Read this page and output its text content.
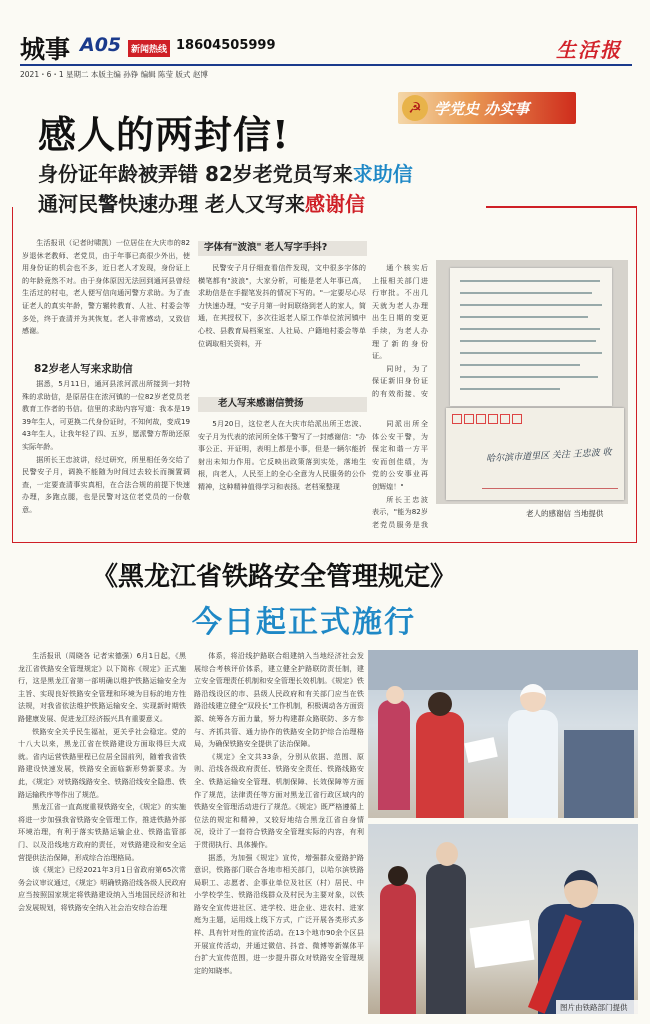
城事 A05	新闻热线 18604505999	生活报
2021・6・1 星期二 本版主编 孙铮 编辑 陈莹 版式 赵博
☭ 学党史 办实事
感人的两封信!
身份证年龄被弄错 82岁老党员写来求助信
通河民警快速办理 老人又写来感谢信

生活报讯（记者时啸凯）一位居住在大庆市的82岁退休老教师、老党员，由于年事已高很少外出，使用身份证的机会也不多，近日老人才发现，身份证上的年龄竟然不对。由于身体原因无法回到通河县曾经生活过的村屯，老人便写信向通河警方求助。为了查证老人的真实年龄，警方辗转教育、人社、村委会等多处，终于查清并为其恢复。老人非常感动，又致信感谢。

82岁老人写来求助信

据悉，5月11日，通河县浓河派出所接到一封特殊的求助信，是原居住在浓河镇的一位82岁老党员老教育工作者的书信。信里的求助内容写道：我本是1939年生人，可更换二代身份证时，不知何故，变成1943年生人，让我年轻了四、五岁，愿派警方帮助还原实际年龄。

据所长王忠波讲，经过研究，所里相任务交给了民警安子月，调换不能随为时间过去较长而搁置调查，一定要查清事实真相，在合法合规的前提下快速办理，多跑点腿，也是民警对这位老党员的一份敬意。

字体有"波浪" 老人写字手抖?

民警安子月仔细查看信件发现，文中很多字体的横笔都有"波浪"，大家分析，可能是老人年事已高，求助信是在手握笔发抖的情况下写的。"一定要尽心尽力快速办理，"安子月第一时间联络到老人的家人，简通，在其授权下，多次往返老人原工作单位浓河镇中心校、县教育局档案室、人社局、户籍地村委会等单位调取相关资料，开

老人写来感谢信赞扬

5月20日，这位老人在大庆市给派出所王忠波、安子月为代表的浓河所全体干警写了一封感谢信："办事公正、开证明，表明上都是小事，但是一辆尔能折射出未知力作用。它反映出政策落到实处，落地生根，向老人，人民至上的全心全意为人民服务的公仆精神，这种精神值得学习和表扬。老档案整现

通个核实后上报相关部门进行审批。不出几天就为老人办理出生日期的变更手续，为老人办理了新的身份证。

同时，为了保证新旧身份证的有效衔接，安

同派出所全体公安干警，为保定和谐一方平安而创佳绩，为党的公安事业再创辉煌！"

所长王忠波表示，"能为82岁老党员服务是我

哈尔滨市道里区 关注 王忠波 收
老人的感谢信 当地提供
《黑龙江省铁路安全管理规定》
今日起正式施行

生活报讯（周晓各 记者宋德强）6月1日起，《黑龙江省铁路安全管理规定》以下简称《规定》正式施行，这是黑龙江省第一部明确以维护铁路运输安全为主旨、实现良好铁路安全管理和环境为目标的地方性法规，对我省依法维护铁路运输安全、实现新时期铁路健康发展、促进龙江经济振兴具有重要意义。

铁路安全关乎民生福祉，更关乎社会稳定。党的十八大以来，黑龙江省在铁路建设方面取得巨大成就。省内运营铁路里程已位居全国前列，随着我省铁路建设快速发展，铁路安全面临新形势新要求。为此，《规定》对铁路线路安全、铁路沿线安全隐患、铁路运输秩序等作出了规范。

黑龙江省一直高度重视铁路安全，《规定》的实施将进一步加强我省铁路安全管理工作，推进铁路外部环境治理，有利于落实铁路运输企业、铁路监管部门、以及沿线地方政府的责任，对铁路建设和安全运营提供法治保障，形成综合治理格局。

该《规定》已经2021年3月1日省政府第65次常务会议审议通过，《规定》明确铁路沿线各级人民政府应当按照国家规定将铁路建设纳入当地国民经济和社会发展规划，将铁路安全纳入社会治安综合治理

体系，将沿线护路联合组建纳入当地经济社会发展综合考核评价体系，建立健全护路联防责任制，建立安全管理责任机制和安全管理长效机制。《规定》铁路沿线设区的市、县级人民政府和有关部门应当在铁路沿线建立健全"双段长"工作机制，积极调动各方面资源、统筹各方面力量，努力构建群众路联防、多方参与、齐抓共管、通力协作的铁路安全防护综合治理格局，为确保铁路安全提供了法治保障。

《规定》全文共33条，分别从依据、范围、原则、沿线各级政府责任、铁路安全责任、铁路线路安全、铁路运输安全管理、机制保障、长效保障等方面作了规范，法律责任等方面对黑龙江省行政区域内的铁路安全管理活动进行了规范。《规定》既严格遵循上位法的规定和精神，又较好地结合黑龙江省自身情况，设计了一套符合铁路安全管理实际的内容，有利于贯彻执行、具体操作。

据悉，为加强《规定》宣传，增强群众爱路护路意识，铁路部门联合各地市相关部门，以哈尔滨铁路局职工、志愿者、企事业单位及社区（村）居民、中小学校学生、铁路沿线群众及村民为主要对象，以铁路安全宣传进社区、进学校、进企业、进农村、进家庭为主题，运用线上线下方式，广泛开展各类形式多样、具有针对性的宣传活动。在13个地市90余个区县开展宣传活动，并通过微信、抖音、微博等新媒体平台扩大宣传范围，进一步提升群众对铁路安全管理规定的知晓率。

图片由铁路部门提供
